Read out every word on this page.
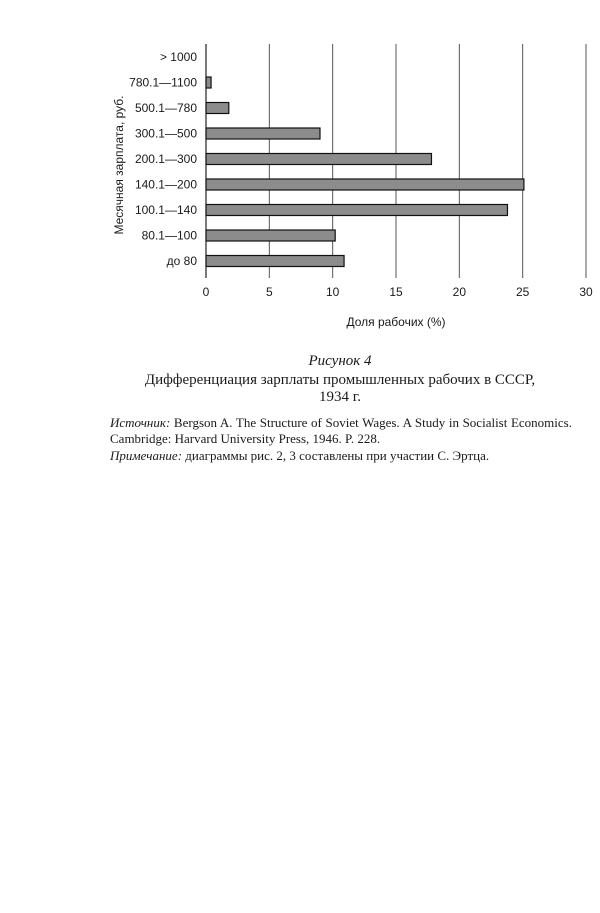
> 1000
780.1—1100
500.1—780
300.1—500
200.1—300
140.1—200
100.1—140
80.1—100
до 80
0	5	10	15	20	25	30
Доля рабочих (%)
Месячная зарплата, руб.
Рисунок 4
Дифференциация зарплаты промышленных рабочих в СССР,
1934 г.
Источник: Bergson A. The Structure of Soviet Wages. A Study in Socialist Economics. Cambridge: Harvard University Press, 1946. P. 228.
Примечание: диаграммы рис. 2, 3 составлены при участии С. Эртца.
